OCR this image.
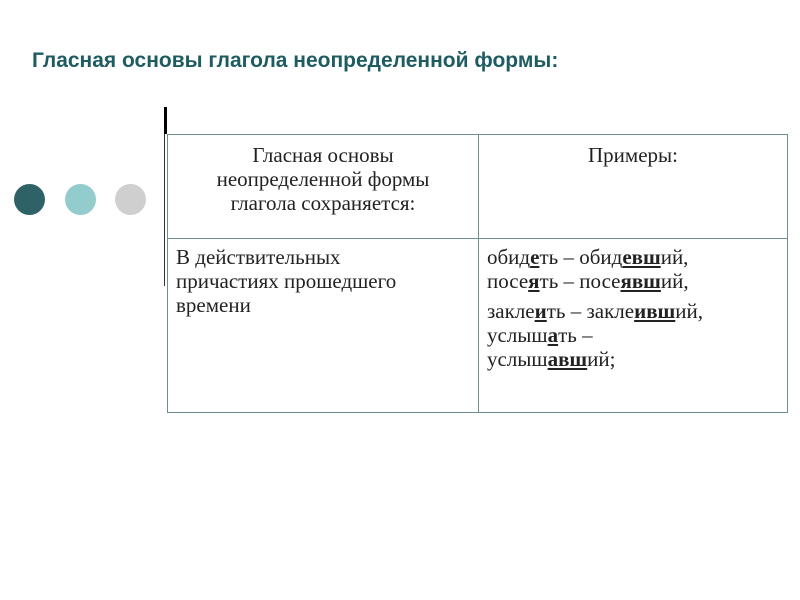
Гласная основы глагола неопределенной формы:
Гласная основы
неопределенной формы
глагола сохраняется:	Примеры:

В действительных
причастиях прошедшего
времени	обидеть – обидевший,
посеять – посеявший,
заклеить – заклеивший,
услышать –
услышавший;
